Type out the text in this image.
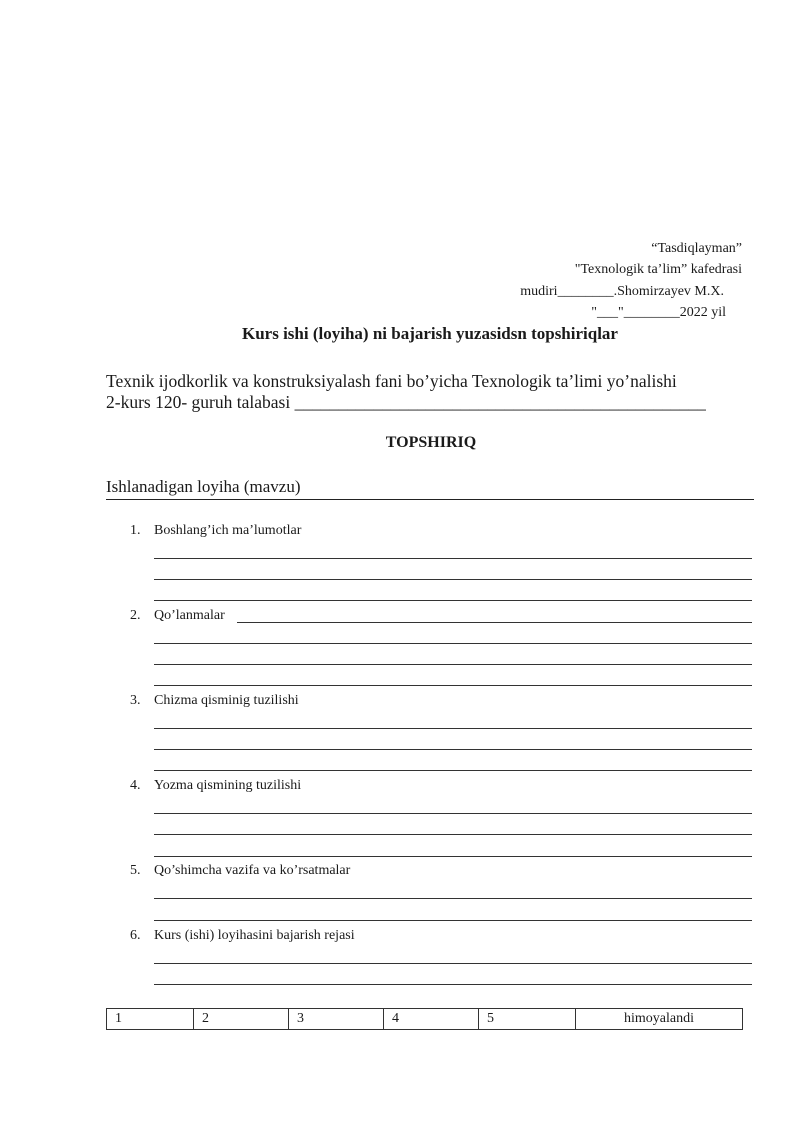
“Tasdiqlayman”
"Texnologik ta’lim” kafedrasi
mudiri________.Shomirzayev M.X.
"___"________2022 yil
Kurs ishi (loyiha) ni bajarish yuzasidsn topshiriqlar
Texnik ijodkorlik va konstruksiyalash fani bo’yicha Texnologik ta’limi yo’nalishi
2-kurs 120- guruh talabasi _______________________________________________
TOPSHIRIQ
Ishlanadigan loyiha (mavzu)
1. Boshlang’ich ma’lumotlar
2. Qo’lanmalar
3. Chizma qisminig tuzilishi
4. Yozma qismining tuzilishi
5. Qo’shimcha vazifa va ko’rsatmalar
6. Kurs (ishi) loyihasini bajarish rejasi
1	2	3	4	5	himoyalandi
